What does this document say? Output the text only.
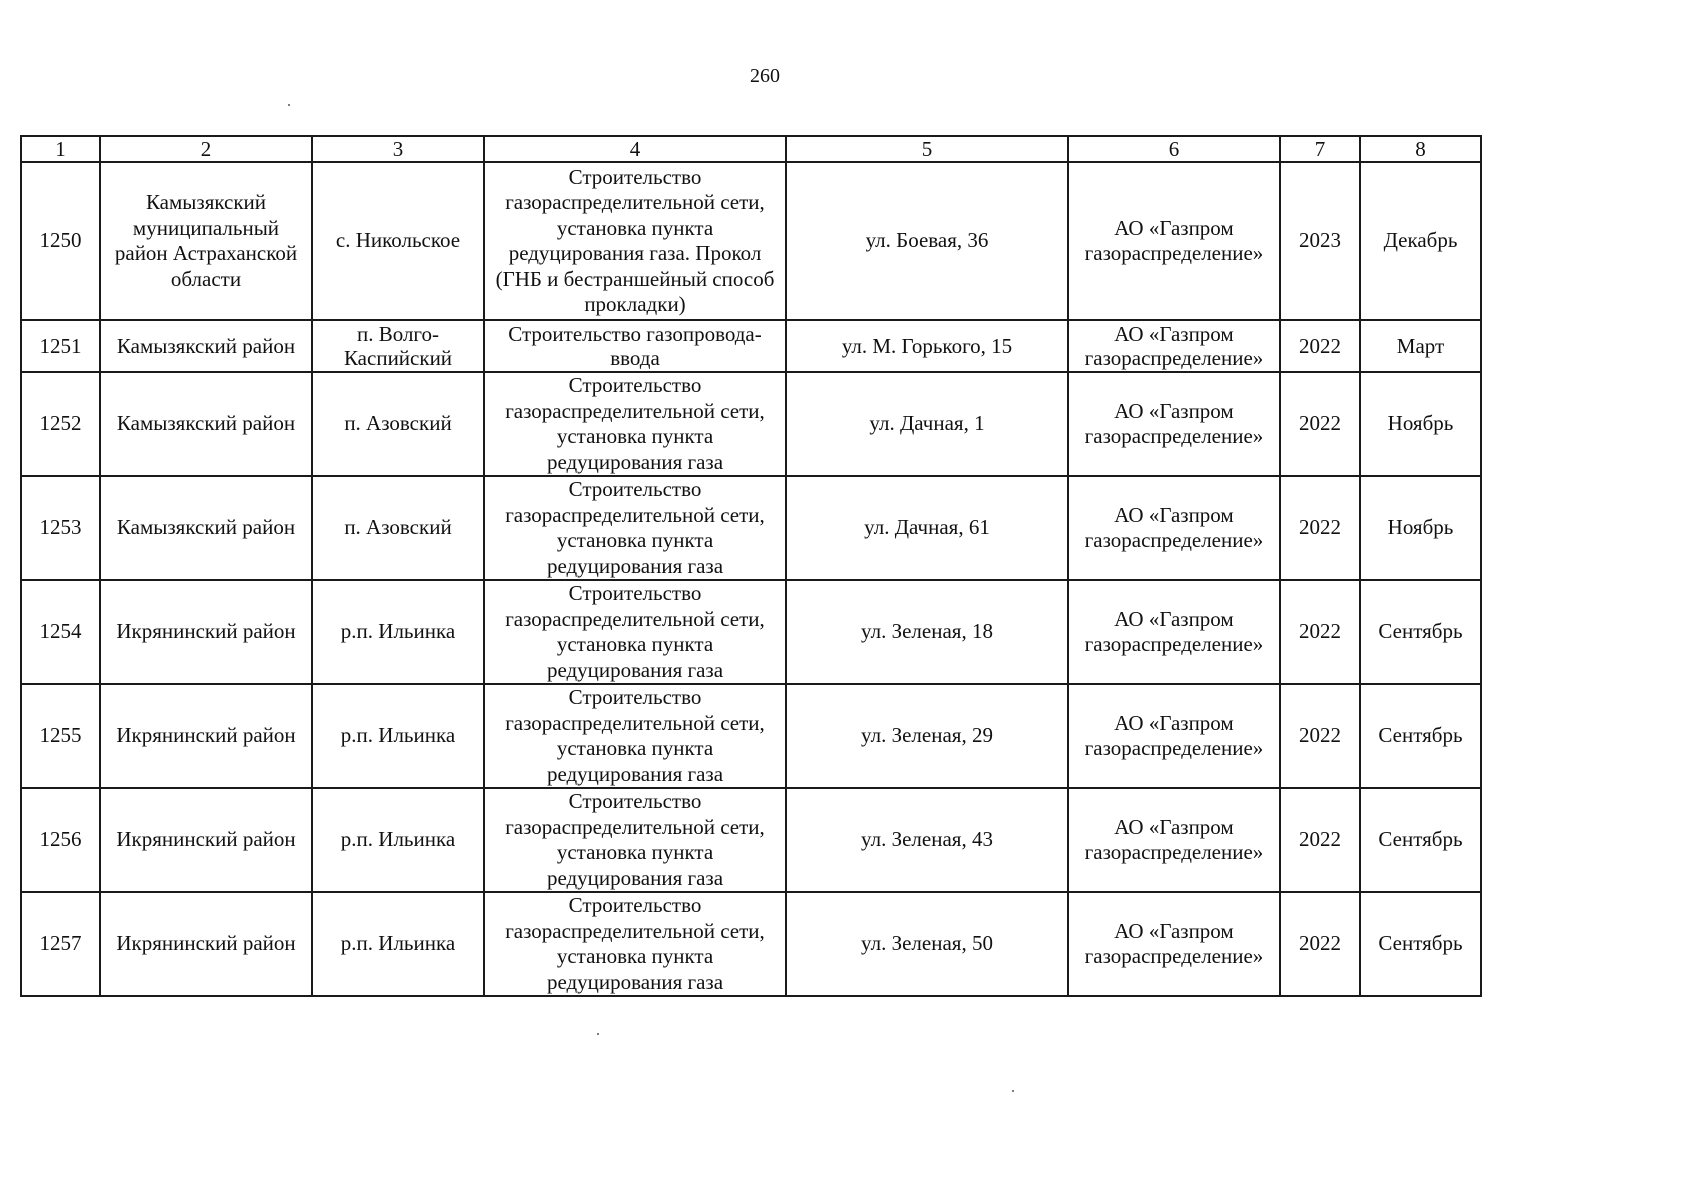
260
1	2	3	4	5	6	7	8
1250	Камызякский муниципальный район Астраханской области	с. Никольское	Строительство газораспределительной сети, установка пункта редуцирования газа. Прокол (ГНБ и бестраншейный способ прокладки)	ул. Боевая, 36	АО «Газпром газораспределение»	2023	Декабрь
1251	Камызякский район	п. Волго-Каспийский	Строительство газопровода-ввода	ул. М. Горького, 15	АО «Газпром газораспределение»	2022	Март
1252	Камызякский район	п. Азовский	Строительство газораспределительной сети, установка пункта редуцирования газа	ул. Дачная, 1	АО «Газпром газораспределение»	2022	Ноябрь
1253	Камызякский район	п. Азовский	Строительство газораспределительной сети, установка пункта редуцирования газа	ул. Дачная, 61	АО «Газпром газораспределение»	2022	Ноябрь
1254	Икрянинский район	р.п. Ильинка	Строительство газораспределительной сети, установка пункта редуцирования газа	ул. Зеленая, 18	АО «Газпром газораспределение»	2022	Сентябрь
1255	Икрянинский район	р.п. Ильинка	Строительство газораспределительной сети, установка пункта редуцирования газа	ул. Зеленая, 29	АО «Газпром газораспределение»	2022	Сентябрь
1256	Икрянинский район	р.п. Ильинка	Строительство газораспределительной сети, установка пункта редуцирования газа	ул. Зеленая, 43	АО «Газпром газораспределение»	2022	Сентябрь
1257	Икрянинский район	р.п. Ильинка	Строительство газораспределительной сети, установка пункта редуцирования газа	ул. Зеленая, 50	АО «Газпром газораспределение»	2022	Сентябрь
